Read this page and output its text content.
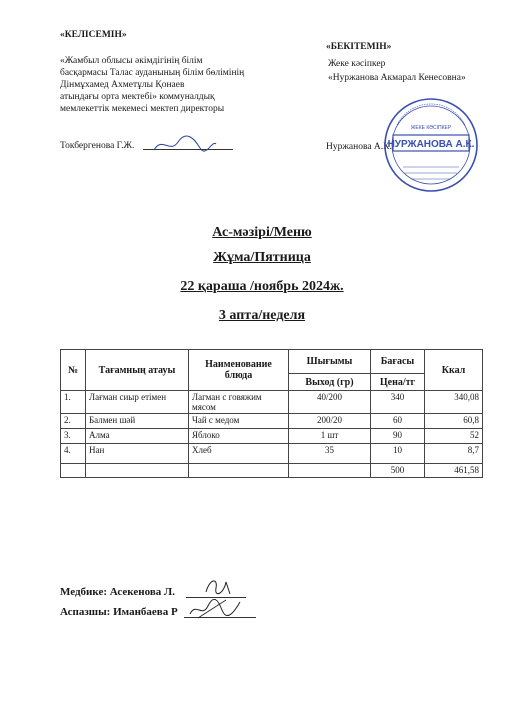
«КЕЛІСЕМІН»
«Жамбыл облысы әкімдігінің білім
басқармасы Талас ауданының білім бөлімінің
Дінмұхамед Ахметұлы Қонаев
атындағы орта мектебі» коммуналдық
мемлекеттік мекемесі мектеп директоры
Токбергенова Г.Ж.
«БЕКІТЕМІН»
Жеке кәсіпкер
«Нуржанова Акмарал Кенесовна»
Нуржанова А.К.
НУРЖАНОВА А.К.
ЖЕКЕ КӘСІПКЕР
Ас-мәзірі/Меню
Жұма/Пятница
22 қараша /ноябрь 2024ж.
3 апта/неделя
№	Тағамның атауы	Наименование блюда	Шығымы	Бағасы	Ккал
			Выход (гр)	Цена/тг	
1.	Лағман сиыр етімен	Лагман с говяжим мясом	40/200	340	340,08
2.	Балмен шәй	Чай с медом	200/20	60	60,8
3.	Алма	Яблоко	1 шт	90	52
4.	Нан	Хлеб	35	10	8,7
				500	461,58
Медбике: Асекенова Л.
Аспазшы: Иманбаева Р
